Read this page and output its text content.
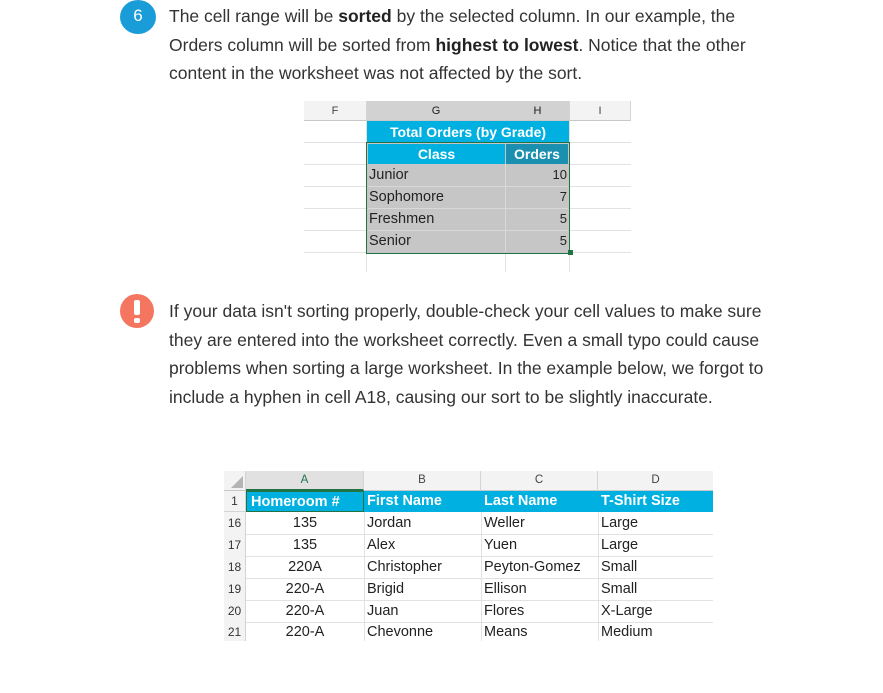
6	The cell range will be sorted by the selected column. In our example, the Orders column will be sorted from highest to lowest. Notice that the other content in the worksheet was not affected by the sort.
F	G	H	I
Total Orders (by Grade)
Class	Orders
Junior	10
Sophomore	7
Freshmen	5
Senior	5
If your data isn't sorting properly, double-check your cell values to make sure they are entered into the worksheet correctly. Even a small typo could cause problems when sorting a large worksheet. In the example below, we forgot to include a hyphen in cell A18, causing our sort to be slightly inaccurate.
A	B	C	D
1 Homeroom #	First Name	Last Name	T-Shirt Size
16	135	Jordan	Weller	Large
17	135	Alex	Yuen	Large
18	220A	Christopher	Peyton-Gomez	Small
19	220-A	Brigid	Ellison	Small
20	220-A	Juan	Flores	X-Large
21	220-A	Chevonne	Means	Medium
